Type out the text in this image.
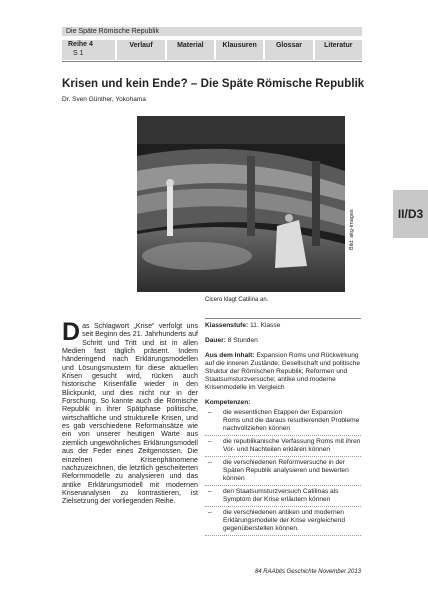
Die Späte Römische Republik
Reihe 4
S 1
Verlauf	Material	Klausuren	Glossar	Literatur
Krisen und kein Ende? – Die Späte Römische Republik
Dr. Sven Günther, Yokohama
II/D3
Bild: akg-images
Cicero klagt Catilina an.
Das Schlagwort „Krise“ verfolgt uns seit Beginn des 21. Jahrhunderts auf Schritt und Tritt und ist in allen Medien fast täglich präsent. Indem händeringend nach Erklärungsmodellen und Lösungsmustern für diese aktuellen Krisen gesucht wird, rücken auch historische Krisenfälle wieder in den Blickpunkt, und dies nicht nur in der Forschung. So kannte auch die Römische Republik in ihrer Spätphase politische, wirtschaftliche und strukturelle Krisen, und es gab verschiedene Reformansätze wie ein von unserer heutigen Warte aus ziemlich ungewöhnliches Erklärungsmodell aus der Feder eines Zeitgenossen. Die einzelnen Krisenphänomene nachzuzeichnen, die letztlich gescheiterten Reformmodelle zu analysieren und das antike Erklärungsmodell mit modernen Krisenanalysen zu kontrastieren, ist Zielsetzung der vorliegenden Reihe.

Klassenstufe: 11. Klasse

Dauer: 8 Stunden

Aus dem Inhalt: Expansion Roms und Rückwirkung auf die inneren Zustände; Gesellschaft und politische Struktur der Römischen Republik; Reformen und Staatsumsturzversuche; antike und moderne Krisenmodelle im Vergleich

Kompetenzen:
– die wesentlichen Etappen der Expansion Roms und die daraus resultierenden Probleme nachvollziehen können
– die republikanische Verfassung Roms mit ihren Vor- und Nachteilen erklären können
– die verschiedenen Reformversuche in der Späten Republik analysieren und bewerten können
– den Staatsumsturzversuch Catilinas als Symptom der Krise erläutern können
– die verschiedenen antiken und modernen Erklärungsmodelle der Krise vergleichend gegenüberstellen können.
84 RAAbits Geschichte November 2013
